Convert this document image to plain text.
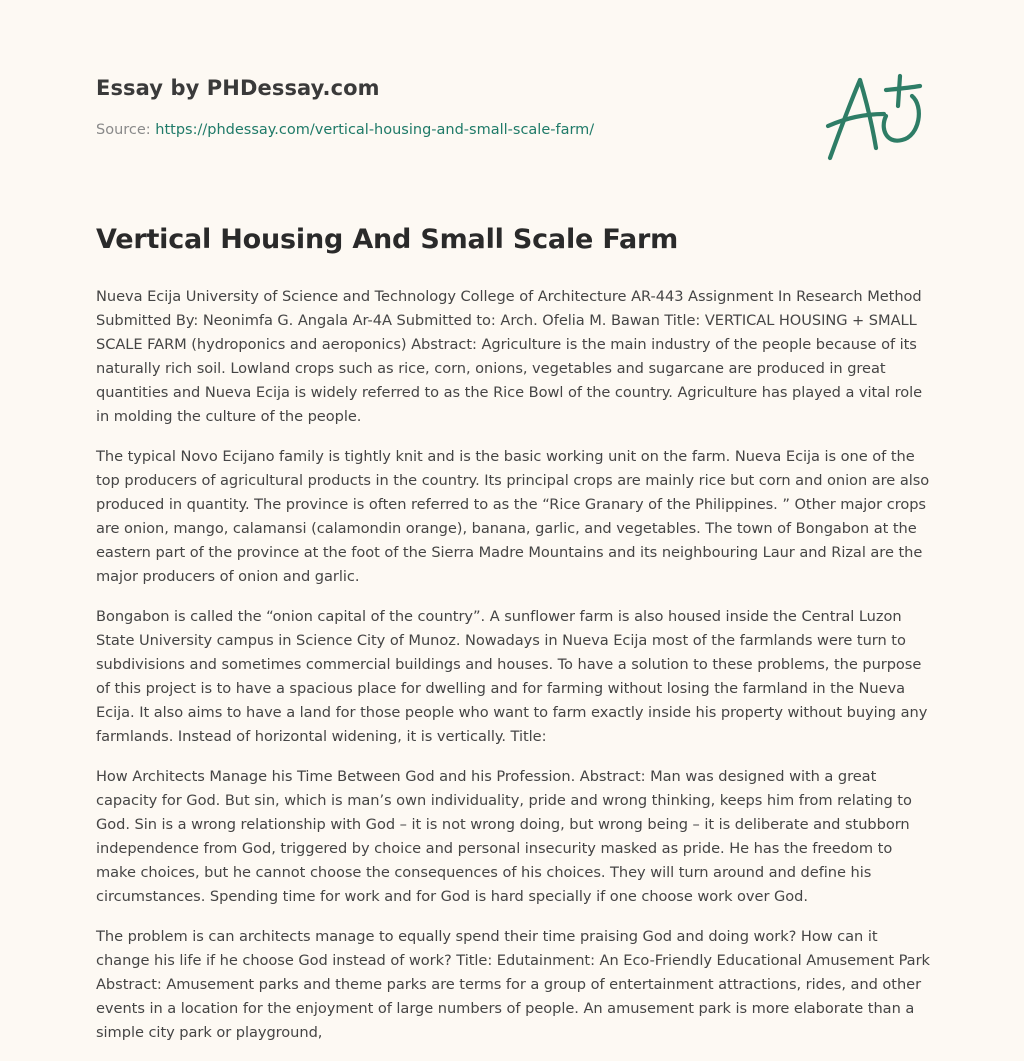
Essay by PHDessay.com
Source: https://phdessay.com/vertical-housing-and-small-scale-farm/
Vertical Housing And Small Scale Farm

Nueva Ecija University of Science and Technology College of Architecture AR-443 Assignment In Research Method Submitted By: Neonimfa G. Angala Ar-4A Submitted to: Arch. Ofelia M. Bawan Title: VERTICAL HOUSING + SMALL SCALE FARM (hydroponics and aeroponics) Abstract: Agriculture is the main industry of the people because of its naturally rich soil. Lowland crops such as rice, corn, onions, vegetables and sugarcane are produced in great quantities and Nueva Ecija is widely referred to as the Rice Bowl of the country. Agriculture has played a vital role in molding the culture of the people.

The typical Novo Ecijano family is tightly knit and is the basic working unit on the farm. Nueva Ecija is one of the top producers of agricultural products in the country. Its principal crops are mainly rice but corn and onion are also produced in quantity. The province is often referred to as the “Rice Granary of the Philippines. ” Other major crops are onion, mango, calamansi (calamondin orange), banana, garlic, and vegetables. The town of Bongabon at the eastern part of the province at the foot of the Sierra Madre Mountains and its neighbouring Laur and Rizal are the major producers of onion and garlic.

Bongabon is called the “onion capital of the country”. A sunflower farm is also housed inside the Central Luzon State University campus in Science City of Munoz. Nowadays in Nueva Ecija most of the farmlands were turn to subdivisions and sometimes commercial buildings and houses. To have a solution to these problems, the purpose of this project is to have a spacious place for dwelling and for farming without losing the farmland in the Nueva Ecija. It also aims to have a land for those people who want to farm exactly inside his property without buying any farmlands. Instead of horizontal widening, it is vertically. Title:

How Architects Manage his Time Between God and his Profession. Abstract: Man was designed with a great capacity for God. But sin, which is man’s own individuality, pride and wrong thinking, keeps him from relating to God. Sin is a wrong relationship with God – it is not wrong doing, but wrong being – it is deliberate and stubborn independence from God, triggered by choice and personal insecurity masked as pride. He has the freedom to make choices, but he cannot choose the consequences of his choices. They will turn around and define his circumstances. Spending time for work and for God is hard specially if one choose work over God.

The problem is can architects manage to equally spend their time praising God and doing work? How can it change his life if he choose God instead of work? Title: Edutainment: An Eco-Friendly Educational Amusement Park Abstract: Amusement parks and theme parks are terms for a group of entertainment attractions, rides, and other events in a location for the enjoyment of large numbers of people. An amusement park is more elaborate than a simple city park or playground,
